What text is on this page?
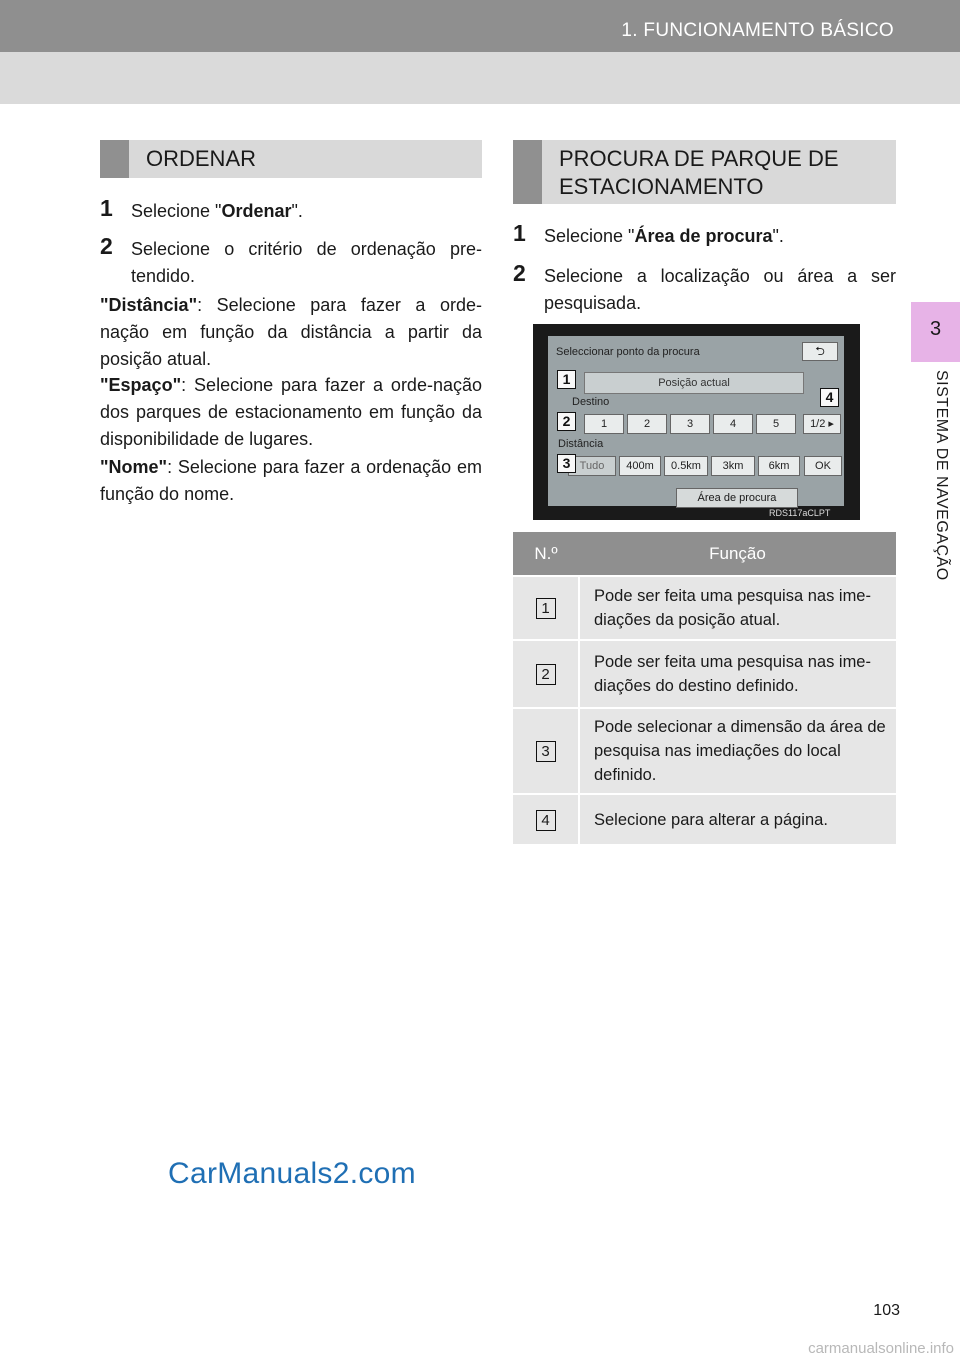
1. FUNCIONAMENTO BÁSICO
3
SISTEMA DE NAVEGAÇÃO
ORDENAR
1	Selecione "Ordenar".
2	Selecione o critério de ordenação pre-tendido.
"Distância": Selecione para fazer a orde-nação em função da distância a partir da posição atual.
"Espaço": Selecione para fazer a orde-nação dos parques de estacionamento em função da disponibilidade de lugares.
"Nome": Selecione para fazer a ordenação em função do nome.
PROCURA DE PARQUE DE ESTACIONAMENTO
1	Selecione "Área de procura".
2	Selecione a localização ou área a ser pesquisada.
Seleccionar ponto da procura	⮌
Posição actual
Destino
1	2	3	4	5	1/2 ▸
Distância
Tudo	400m	0.5km	3km	6km	OK
Área de procura
1
2
3
4
RDS117aCLPT
N.º	Função
1	Pode ser feita uma pesquisa nas ime-diações da posição atual.
2	Pode ser feita uma pesquisa nas ime-diações do destino definido.
3	Pode selecionar a dimensão da área de pesquisa nas imediações do local definido.
4	Selecione para alterar a página.
CarManuals2.com
103
carmanualsonline.info
